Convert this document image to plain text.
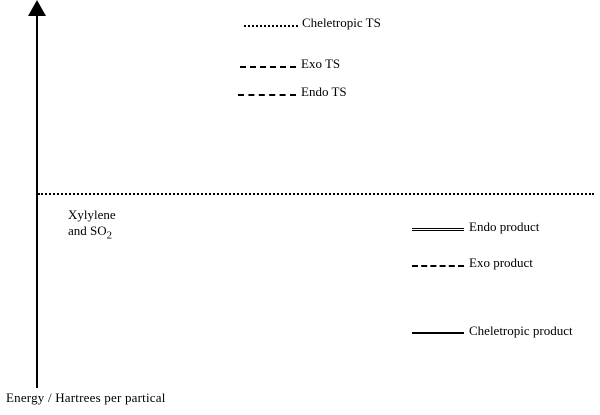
Energy / Hartrees per partical
Cheletropic TS
Exo TS
Endo TS
Xylylene
and $SO_2$
Endo product
Exo product
Cheletropic product
